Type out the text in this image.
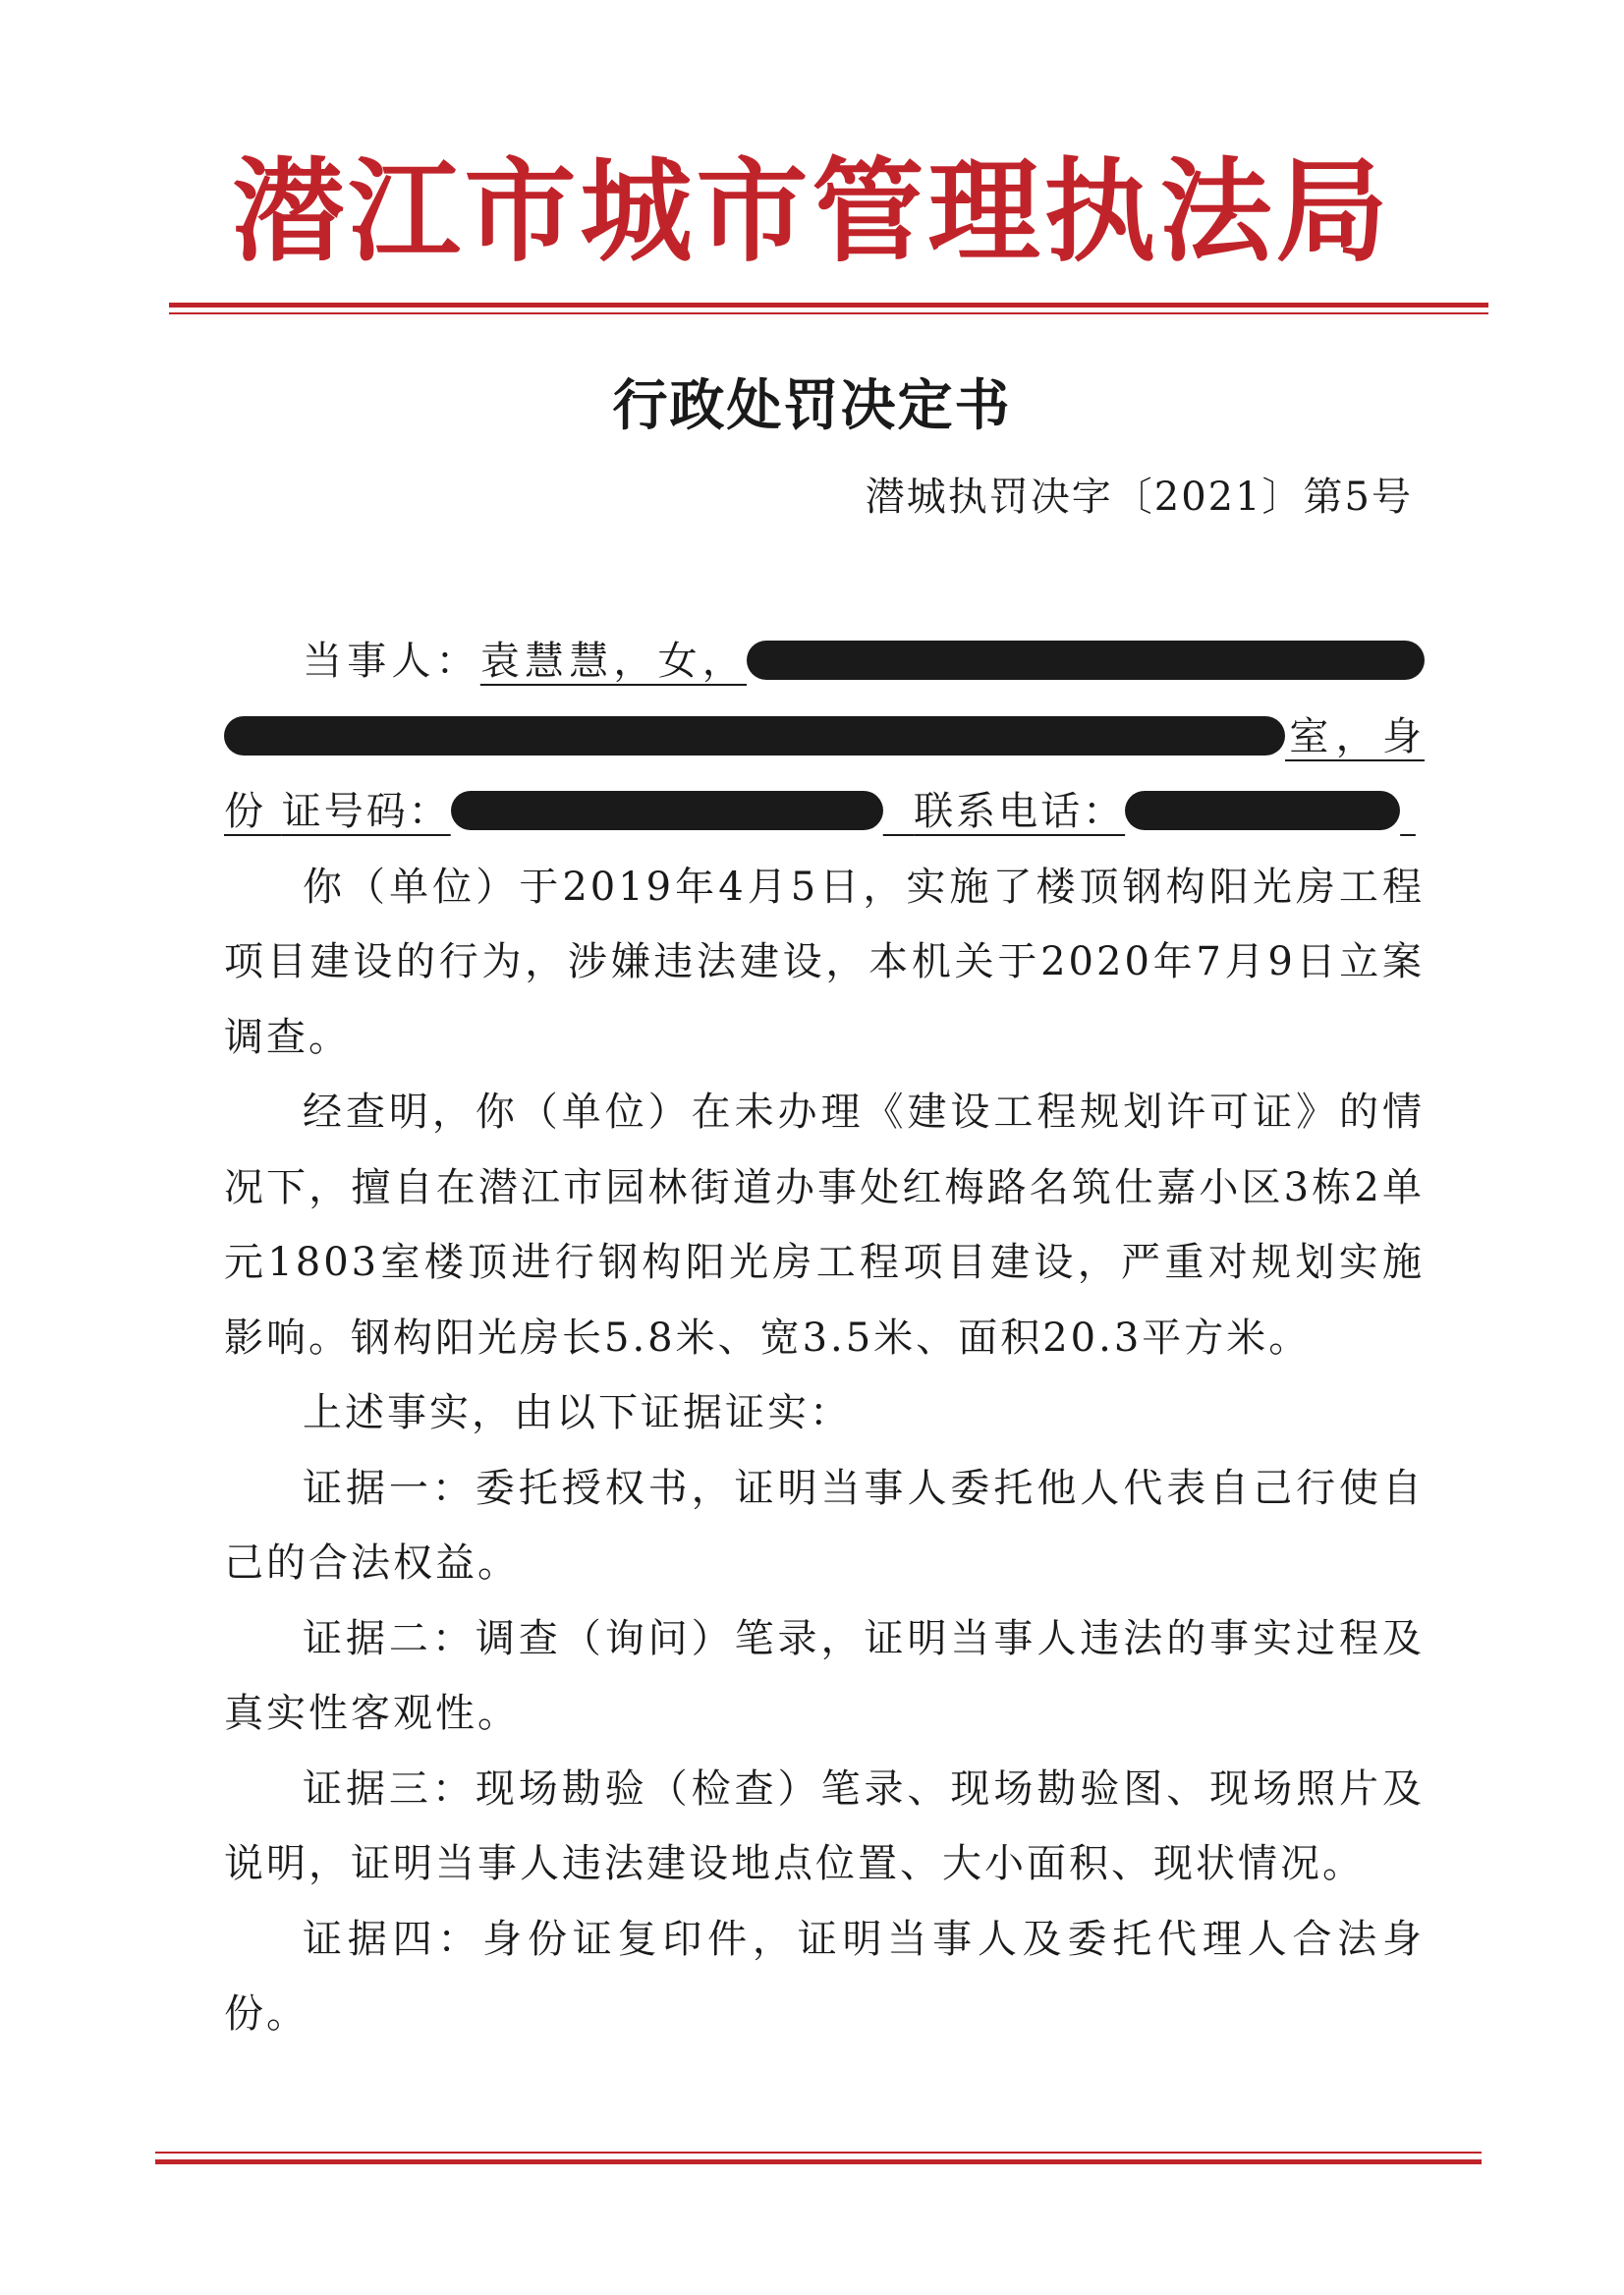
潜江市城市管理执法局
行政处罚决定书
潜城执罚决字〔2021〕第5号
当事人：袁慧慧，女， 室，身份 证号码：	联系电话：

你（单位）于2019年4月5日，实施了楼顶钢构阳光房工程项目建设的行为，涉嫌违法建设，本机关于2020年7月9日立案调查。

经查明，你（单位）在未办理《建设工程规划许可证》的情况下，擅自在潜江市园林街道办事处红梅路名筑仕嘉小区3栋2单元1803室楼顶进行钢构阳光房工程项目建设，严重对规划实施影响。钢构阳光房长5.8米、宽3.5米、面积20.3平方米。

上述事实，由以下证据证实：

证据一：委托授权书，证明当事人委托他人代表自己行使自己的合法权益。

证据二：调查（询问）笔录，证明当事人违法的事实过程及真实性客观性。

证据三：现场勘验（检查）笔录、现场勘验图、现场照片及说明，证明当事人违法建设地点位置、大小面积、现状情况。

证据四：身份证复印件，证明当事人及委托代理人合法身份。
